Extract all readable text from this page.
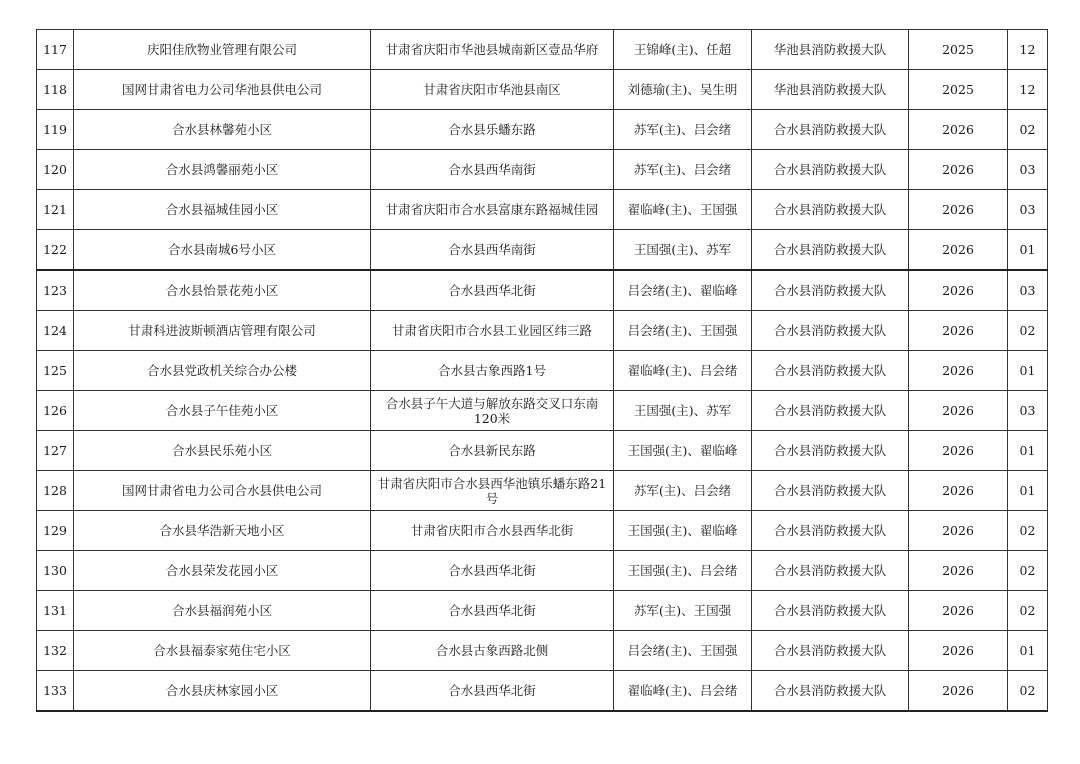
117	庆阳佳欣物业管理有限公司	甘肃省庆阳市华池县城南新区壹品华府	王锦峰(主)、任超	华池县消防救援大队	2025	12
118	国网甘肃省电力公司华池县供电公司	甘肃省庆阳市华池县南区	刘德瑜(主)、吴生明	华池县消防救援大队	2025	12
119	合水县林馨苑小区	合水县乐蟠东路	苏军(主)、吕会绪	合水县消防救援大队	2026	02
120	合水县鸿馨丽苑小区	合水县西华南街	苏军(主)、吕会绪	合水县消防救援大队	2026	03
121	合水县福城佳园小区	甘肃省庆阳市合水县富康东路福城佳园	翟临峰(主)、王国强	合水县消防救援大队	2026	03
122	合水县南城6号小区	合水县西华南街	王国强(主)、苏军	合水县消防救援大队	2026	01
123	合水县怡景花苑小区	合水县西华北街	吕会绪(主)、翟临峰	合水县消防救援大队	2026	03
124	甘肃科进波斯顿酒店管理有限公司	甘肃省庆阳市合水县工业园区纬三路	吕会绪(主)、王国强	合水县消防救援大队	2026	02
125	合水县党政机关综合办公楼	合水县古象西路1号	翟临峰(主)、吕会绪	合水县消防救援大队	2026	01
126	合水县子午佳苑小区	合水县子午大道与解放东路交叉口东南120米	王国强(主)、苏军	合水县消防救援大队	2026	03
127	合水县民乐苑小区	合水县新民东路	王国强(主)、翟临峰	合水县消防救援大队	2026	01
128	国网甘肃省电力公司合水县供电公司	甘肃省庆阳市合水县西华池镇乐蟠东路21号	苏军(主)、吕会绪	合水县消防救援大队	2026	01
129	合水县华浩新天地小区	甘肃省庆阳市合水县西华北街	王国强(主)、翟临峰	合水县消防救援大队	2026	02
130	合水县荣发花园小区	合水县西华北街	王国强(主)、吕会绪	合水县消防救援大队	2026	02
131	合水县福润苑小区	合水县西华北街	苏军(主)、王国强	合水县消防救援大队	2026	02
132	合水县福泰家苑住宅小区	合水县古象西路北侧	吕会绪(主)、王国强	合水县消防救援大队	2026	01
133	合水县庆林家园小区	合水县西华北街	翟临峰(主)、吕会绪	合水县消防救援大队	2026	02
